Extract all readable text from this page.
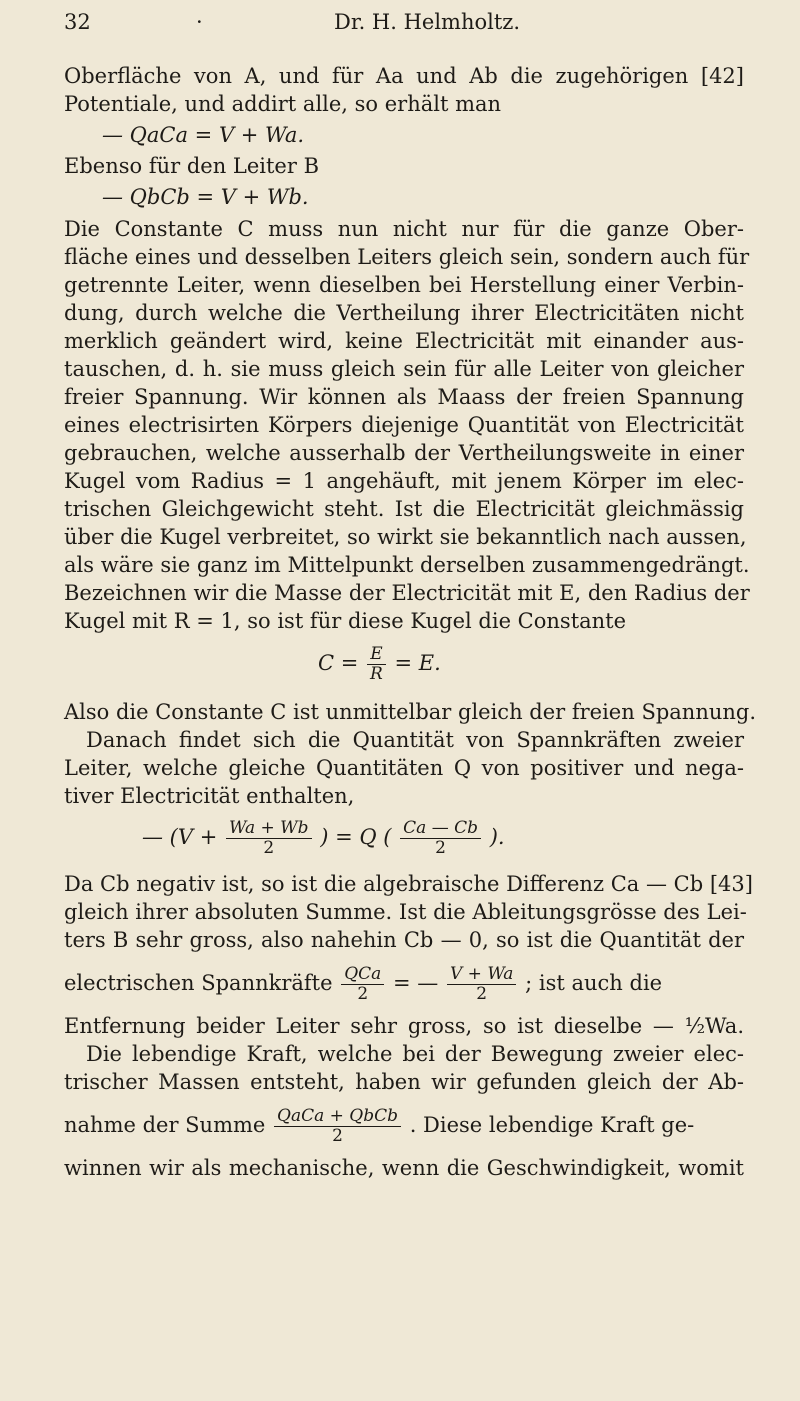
32	·	Dr. H. Helmholtz.
Oberfläche von A, und für Aa und Ab die zugehörigen [42]
Potentiale, und addirt alle, so erhält man
— QaCa = V + Wa.
Ebenso für den Leiter B
— QbCb = V + Wb.
Die Constante C muss nun nicht nur für die ganze Ober-
fläche eines und desselben Leiters gleich sein, sondern auch für
getrennte Leiter, wenn dieselben bei Herstellung einer Verbin-
dung, durch welche die Vertheilung ihrer Electricitäten nicht
merklich geändert wird, keine Electricität mit einander aus-
tauschen, d. h. sie muss gleich sein für alle Leiter von gleicher
freier Spannung. Wir können als Maass der freien Spannung
eines electrisirten Körpers diejenige Quantität von Electricität
gebrauchen, welche ausserhalb der Vertheilungsweite in einer
Kugel vom Radius = 1 angehäuft, mit jenem Körper im elec-
trischen Gleichgewicht steht. Ist die Electricität gleichmässig
über die Kugel verbreitet, so wirkt sie bekanntlich nach aussen,
als wäre sie ganz im Mittelpunkt derselben zusammengedrängt.
Bezeichnen wir die Masse der Electricität mit E, den Radius der
Kugel mit R = 1, so ist für diese Kugel die Constante
$C = \frac{E}{R} = E$.
Also die Constante C ist unmittelbar gleich der freien Spannung.
Danach findet sich die Quantität von Spannkräften zweier
Leiter, welche gleiche Quantitäten Q von positiver und nega-
tiver Electricität enthalten,
— ($V + \frac{Wa + Wb}{2}$ ) = Q ( $\frac{Ca — Cb}{2}$ ).
Da Cb negativ ist, so ist die algebraische Differenz Ca — Cb [43]
gleich ihrer absoluten Summe. Ist die Ableitungsgrösse des Lei-
ters B sehr gross, also nahehin Cb — 0, so ist die Quantität der
electrischen Spannkräfte $\frac{\text{QCa}}{2}$ = — $\frac{V + Wa}{2}$ ; ist auch die
Entfernung beider Leiter sehr gross, so ist dieselbe — ½Wa.
Die lebendige Kraft, welche bei der Bewegung zweier elec-
trischer Massen entsteht, haben wir gefunden gleich der Ab-
nahme der Summe $\frac{\text{QaCa + QbCb}}{2}$ . Diese lebendige Kraft ge-
winnen wir als mechanische, wenn die Geschwindigkeit, womit
